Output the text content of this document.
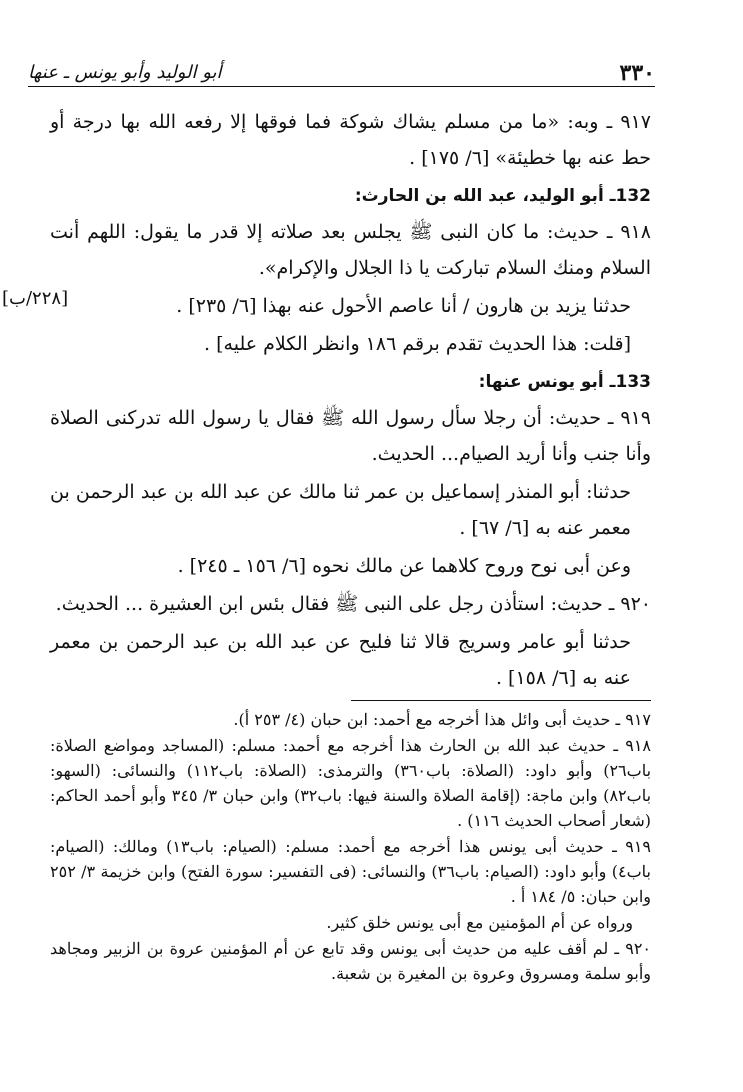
٣٣٠
أبو الوليد وأبو يونس ـ عنها

٩١٧ ـ وبه: «ما من مسلم يشاك شوكة فما فوقها إلا رفعه الله بها درجة أو حط عنه بها خطيئة» [٦/ ١٧٥] .

132ـ أبو الوليد، عبد الله بن الحارث:

٩١٨ ـ حديث: ما كان النبى ﷺ يجلس بعد صلاته إلا قدر ما يقول: اللهم أنت السلام ومنك السلام تباركت يا ذا الجلال والإكرام».

[٢٢٨/ب]	حدثنا يزيد بن هارون / أنا عاصم الأحول عنه بهذا [٦/ ٢٣٥] .

[قلت: هذا الحديث تقدم برقم ١٨٦ وانظر الكلام عليه] .

133ـ أبو يونس عنها:

٩١٩ ـ حديث: أن رجلا سأل رسول الله ﷺ فقال يا رسول الله تدركنى الصلاة وأنا جنب وأنا أريد الصيام... الحديث.

حدثنا: أبو المنذر إسماعيل بن عمر ثنا مالك عن عبد الله بن عبد الرحمن بن معمر عنه به [٦/ ٦٧] .

وعن أبى نوح وروح كلاهما عن مالك نحوه [٦/ ١٥٦ ـ ٢٤٥] .

٩٢٠ ـ حديث: استأذن رجل على النبى ﷺ فقال بئس ابن العشيرة ... الحديث.

حدثنا أبو عامر وسريج قالا ثنا فليح عن عبد الله بن عبد الرحمن بن معمر عنه به [٦/ ١٥٨] .

٩١٧ ـ حديث أبى وائل هذا أخرجه مع أحمد: ابن حبان (٤/ ٢٥٣ أ).

٩١٨ ـ حديث عبد الله بن الحارث هذا أخرجه مع أحمد: مسلم: (المساجد ومواضع الصلاة: باب٢٦) وأبو داود: (الصلاة: باب٣٦٠) والترمذى: (الصلاة: باب١١٢) والنسائى: (السهو: باب٨٢) وابن ماجة: (إقامة الصلاة والسنة فيها: باب٣٢) وابن حبان ٣/ ٣٤٥ وأبو أحمد الحاكم: (شعار أصحاب الحديث ١١٦) .

٩١٩ ـ حديث أبى يونس هذا أخرجه مع أحمد: مسلم: (الصيام: باب١٣) ومالك: (الصيام: باب٤) وأبو داود: (الصيام: باب٣٦) والنسائى: (فى التفسير: سورة الفتح) وابن خزيمة ٣/ ٢٥٢ وابن حبان: ٥/ ١٨٤ أ .

ورواه عن أم المؤمنين مع أبى يونس خلق كثير.

٩٢٠ ـ لم أقف عليه من حديث أبى يونس وقد تابع عن أم المؤمنين عروة بن الزبير ومجاهد وأبو سلمة ومسروق وعروة بن المغيرة بن شعبة.
